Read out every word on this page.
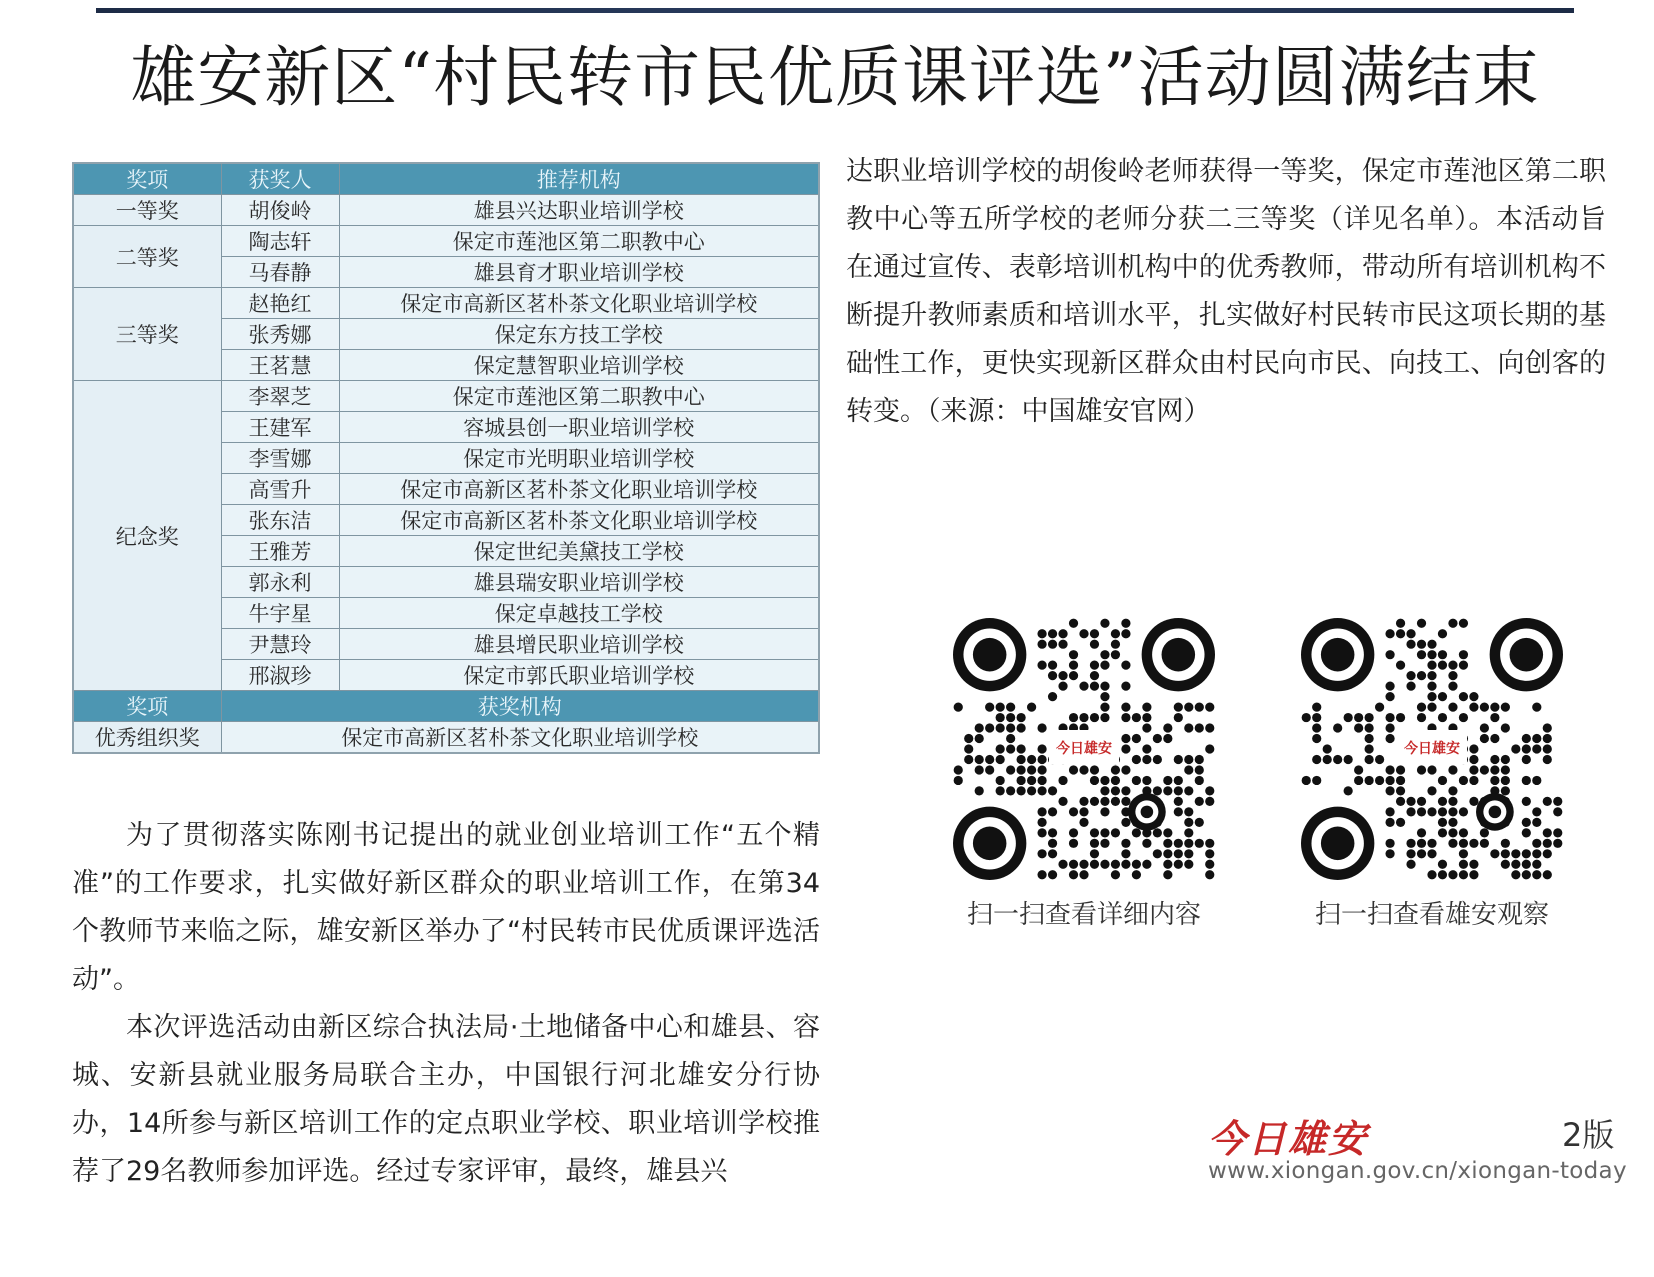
雄安新区“村民转市民优质课评选”活动圆满结束
奖项	获奖人	推荐机构
一等奖	胡俊岭	雄县兴达职业培训学校
二等奖	陶志轩	保定市莲池区第二职教中心
	马春静	雄县育才职业培训学校
三等奖	赵艳红	保定市高新区茗朴茶文化职业培训学校
	张秀娜	保定东方技工学校
	王茗慧	保定慧智职业培训学校
纪念奖	李翠芝	保定市莲池区第二职教中心
	王建军	容城县创一职业培训学校
	李雪娜	保定市光明职业培训学校
	高雪升	保定市高新区茗朴茶文化职业培训学校
	张东洁	保定市高新区茗朴茶文化职业培训学校
	王雅芳	保定世纪美黛技工学校
	郭永利	雄县瑞安职业培训学校
	牛宇星	保定卓越技工学校
	尹慧玲	雄县增民职业培训学校
	邢淑珍	保定市郭氏职业培训学校
奖项	获奖机构	
优秀组织奖	保定市高新区茗朴茶文化职业培训学校	

为了贯彻落实陈刚书记提出的就业创业培训工作“五个精准”的工作要求，扎实做好新区群众的职业培训工作，在第34个教师节来临之际，雄安新区举办了“村民转市民优质课评选活动”。

本次评选活动由新区综合执法局·土地储备中心和雄县、容城、安新县就业服务局联合主办，中国银行河北雄安分行协办，14所参与新区培训工作的定点职业学校、职业培训学校推荐了29名教师参加评选。经过专家评审，最终，雄县兴

达职业培训学校的胡俊岭老师获得一等奖，保定市莲池区第二职教中心等五所学校的老师分获二三等奖（详见名单）。本活动旨在通过宣传、表彰培训机构中的优秀教师，带动所有培训机构不断提升教师素质和培训水平，扎实做好村民转市民这项长期的基础性工作，更快实现新区群众由村民向市民、向技工、向创客的转变。（来源：中国雄安官网）

今日雄安
扫一扫查看详细内容
今日雄安
扫一扫查看雄安观察
今日雄安	2版
www.xiongan.gov.cn/xiongan-today
